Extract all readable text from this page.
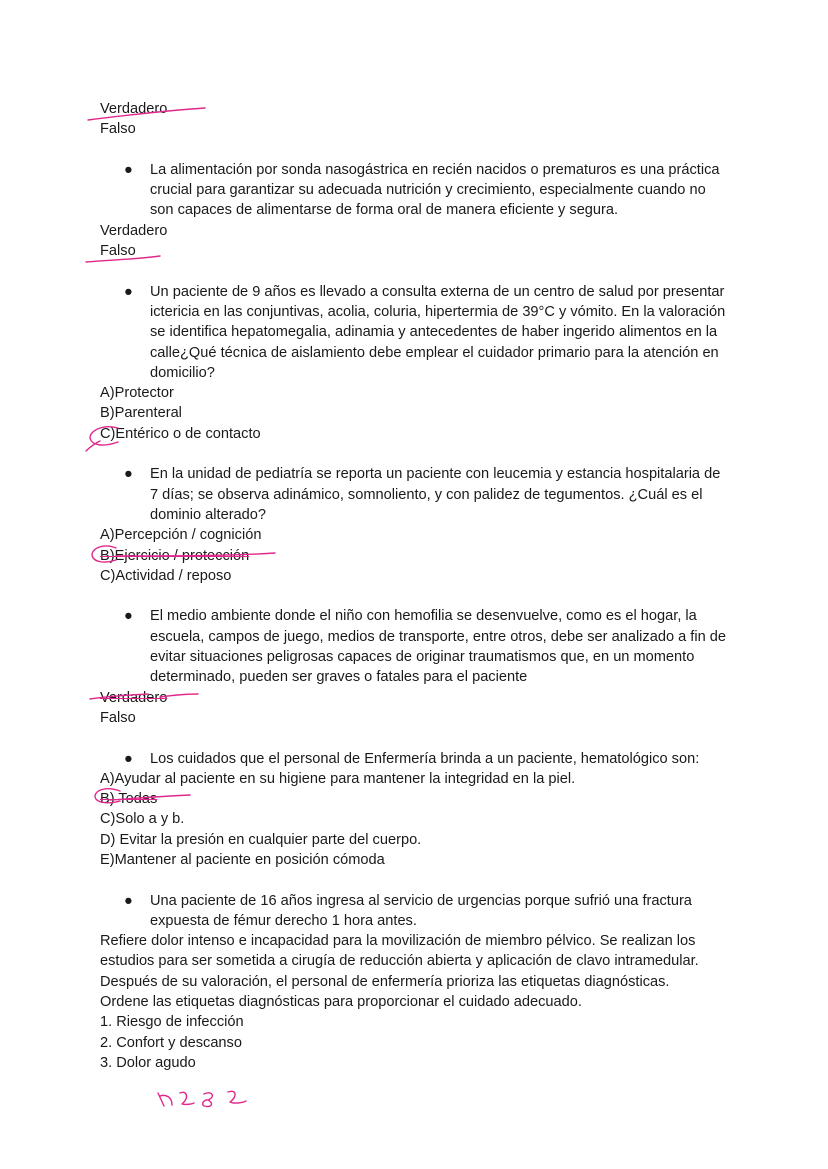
Verdadero
Falso
● La alimentación por sonda nasogástrica en recién nacidos o prematuros es una práctica crucial para garantizar su adecuada nutrición y crecimiento, especialmente cuando no son capaces de alimentarse de forma oral de manera eficiente y segura.
Verdadero
Falso
● Un paciente de 9 años es llevado a consulta externa de un centro de salud por presentar ictericia en las conjuntivas, acolia, coluria, hipertermia de 39°C y vómito. En la valoración se identifica hepatomegalia, adinamia y antecedentes de haber ingerido alimentos en la calle¿Qué técnica de aislamiento debe emplear el cuidador primario para la atención en domicilio?
A)Protector
B)Parenteral
C)Entérico o de contacto
● En la unidad de pediatría se reporta un paciente con leucemia y estancia hospitalaria de 7 días; se observa adinámico, somnoliento, y con palidez de tegumentos. ¿Cuál es el dominio alterado?
A)Percepción / cognición
B)Ejercicio / protección
C)Actividad / reposo
● El medio ambiente donde el niño con hemofilia se desenvuelve, como es el hogar, la escuela, campos de juego, medios de transporte, entre otros, debe ser analizado a fin de evitar situaciones peligrosas capaces de originar traumatismos que, en un momento determinado, pueden ser graves o fatales para el paciente
Verdadero
Falso
● Los cuidados que el personal de Enfermería brinda a un paciente, hematológico son:
A)Ayudar al paciente en su higiene para mantener la integridad en la piel.
B) Todas
C)Solo a y b.
D) Evitar la presión en cualquier parte del cuerpo.
E)Mantener al paciente en posición cómoda
● Una paciente de 16 años ingresa al servicio de urgencias porque sufrió una fractura expuesta de fémur derecho 1 hora antes.
Refiere dolor intenso e incapacidad para la movilización de miembro pélvico. Se realizan los
estudios para ser sometida a cirugía de reducción abierta y aplicación de clavo intramedular.
Después de su valoración, el personal de enfermería prioriza las etiquetas diagnósticas.
Ordene las etiquetas diagnósticas para proporcionar el cuidado adecuado.
1. Riesgo de infección
2. Confort y descanso
3. Dolor agudo
